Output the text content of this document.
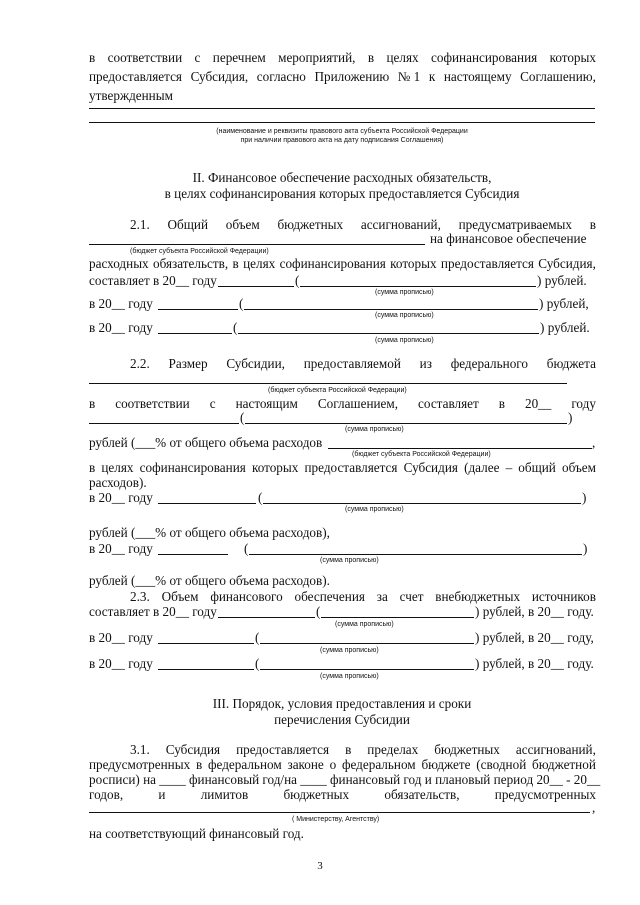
в соответствии с перечнем мероприятий, в целях софинансирования которых
предоставляется Субсидия, согласно Приложению № 1 к настоящему Соглашению,
утвержденным
(наименование и реквизиты правового акта субъекта Российской Федерации
при наличии правового акта на дату подписания Соглашения)
II. Финансовое обеспечение расходных обязательств,
в целях софинансирования которых предоставляется Субсидия
2.1. Общий объем бюджетных ассигнований, предусматриваемых в
на финансовое обеспечение
(бюджет субъекта Российской Федерации)
расходных обязательств, в целях софинансирования которых предоставляется Субсидия,
составляет в 20__ году	(	) рублей.
(сумма прописью)
в 20__ году	(	) рублей,
(сумма прописью)
в 20__ году	(	) рублей.
(сумма прописью)
2.2. Размер Субсидии, предоставляемой из федерального бюджета
(бюджет субъекта Российской Федерации)
в соответствии с настоящим Соглашением, составляет в 20__ году
(	)
(сумма прописью)
рублей (___% от общего объема расходов	,
(бюджет субъекта Российской Федерации)
в целях софинансирования которых предоставляется Субсидия (далее – общий объем
расходов).
в 20__ году	(	)
(сумма прописью)
рублей (___% от общего объема расходов),
в 20__ году	(	)
(сумма прописью)
рублей (___% от общего объема расходов).
2.3. Объем финансового обеспечения за счет внебюджетных источников
составляет в 20__ году	(	) рублей, в 20__ году.
(сумма прописью)
в 20__ году	(	) рублей, в 20__ году,
(сумма прописью)
в 20__ году	(	) рублей, в 20__ году.
(сумма прописью)
III. Порядок, условия предоставления и сроки
перечисления Субсидии
3.1. Субсидия предоставляется в пределах бюджетных ассигнований,
предусмотренных в федеральном законе о федеральном бюджете (сводной бюджетной
росписи) на ____ финансовый год/на ____ финансовый год и плановый период 20__ - 20__
годов,	и	лимитов	бюджетных	обязательств,	предусмотренных
,
( Министерству, Агентству)
на соответствующий финансовый год.
3
